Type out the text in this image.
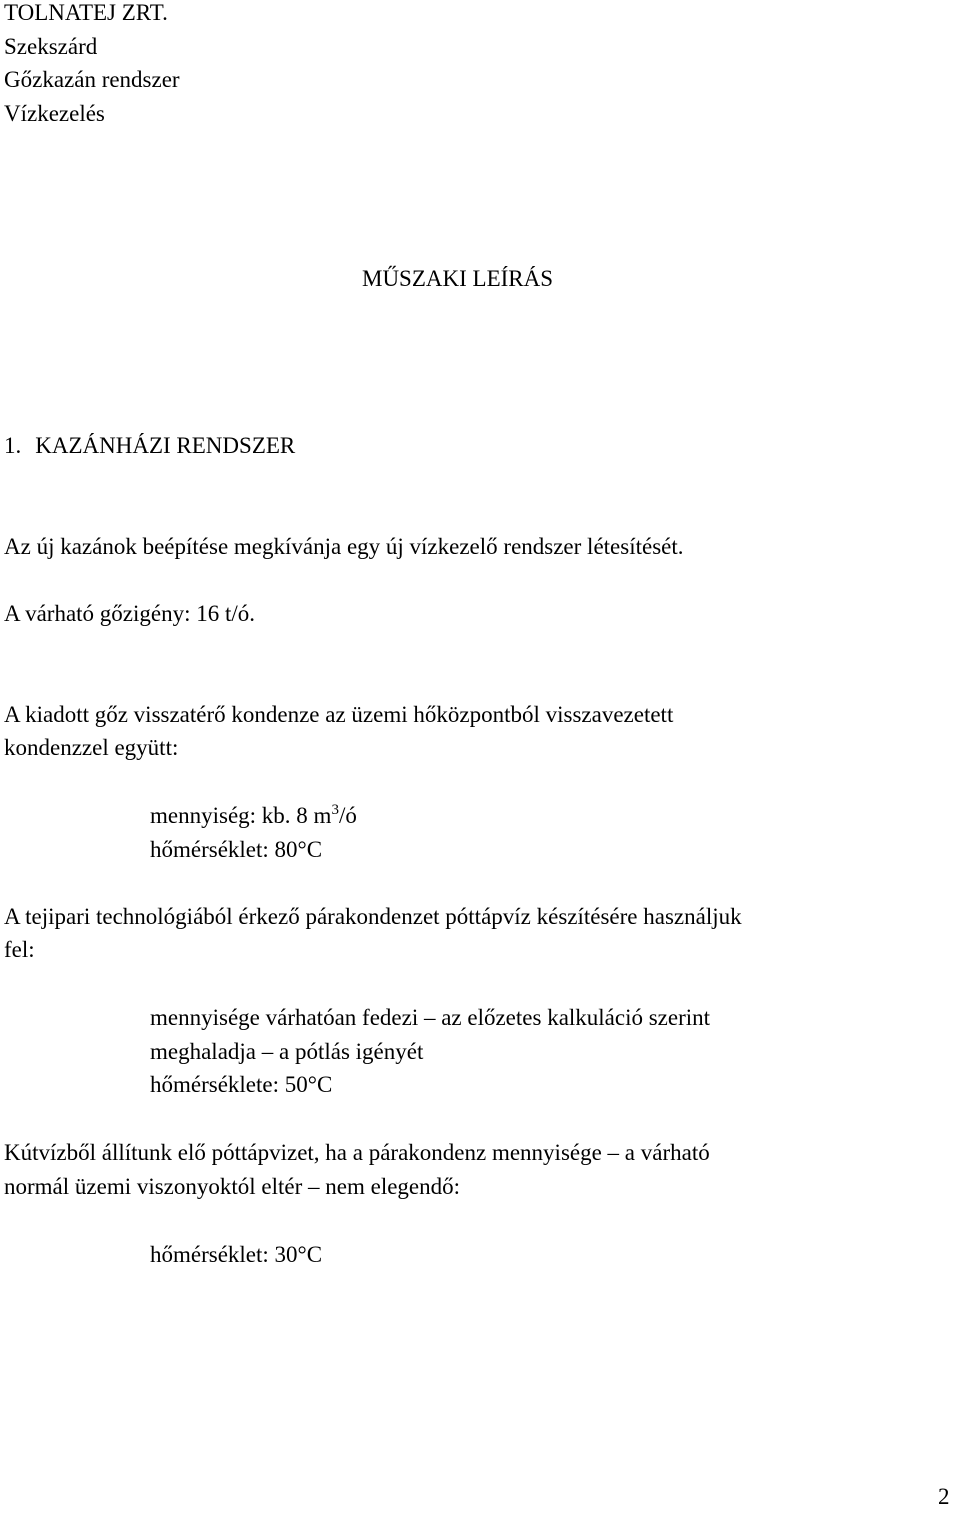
TOLNATEJ ZRT.

Szekszárd

Gőzkazán rendszer

Vízkezelés

MŰSZAKI LEÍRÁS

1. KAZÁNHÁZI RENDSZER

Az új kazánok beépítése megkívánja egy új vízkezelő rendszer létesítését.

A várható gőzigény: 16 t/ó.

A kiadott gőz visszatérő kondenze az üzemi hőközpontból visszavezetett

kondenzzel együtt:

mennyiség: kb. 8 $m^3/ó$

hőmérséklet: 80°C

A tejipari technológiából érkező párakondenzet póttápvíz készítésére használjuk

fel:

mennyisége várhatóan fedezi – az előzetes kalkuláció szerint

meghaladja – a pótlás igényét

hőmérséklete: 50°C

Kútvízből állítunk elő póttápvizet, ha a párakondenz mennyisége – a várható

normál üzemi viszonyoktól eltér – nem elegendő:

hőmérséklet: 30°C

2
